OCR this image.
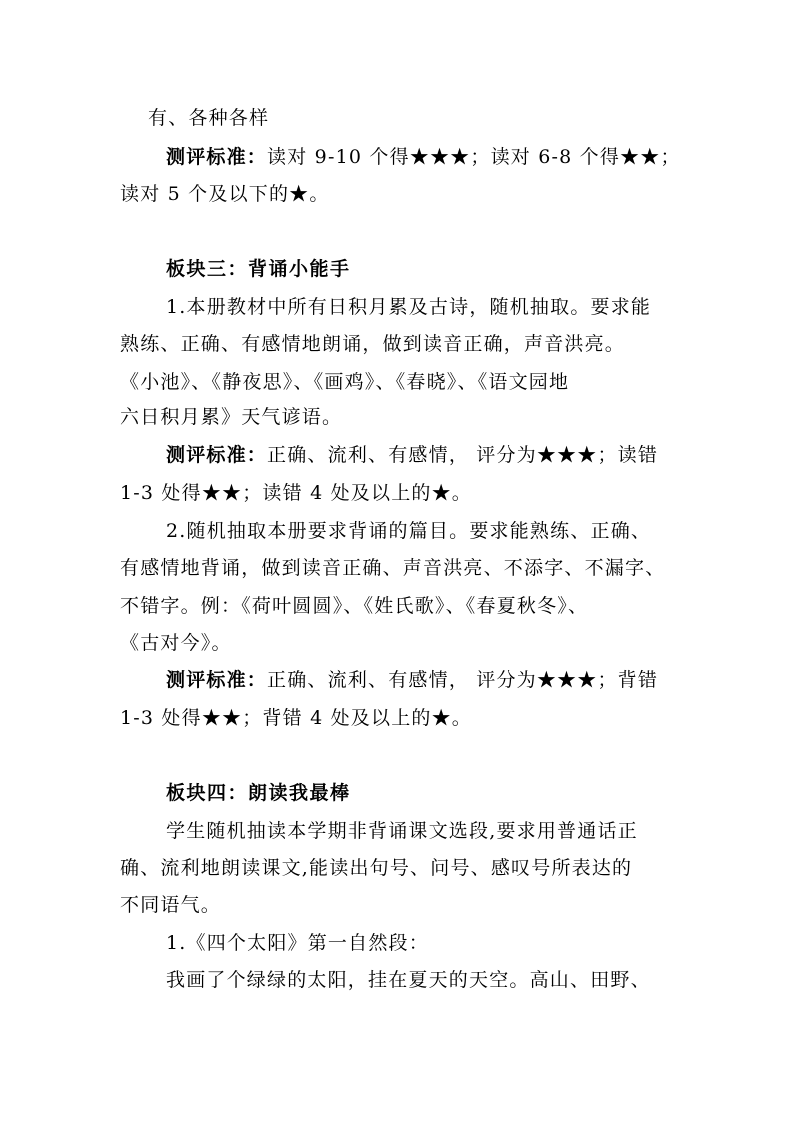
有、各种各样
测评标准：读对 9-10 个得★★★；读对 6-8 个得★★；
读对 5 个及以下的★。
板块三：背诵小能手
1.本册教材中所有日积月累及古诗，随机抽取。要求能
熟练、正确、有感情地朗诵，做到读音正确，声音洪亮。
《小池》、《静夜思》、《画鸡》、《春晓》、《语文园地
六日积月累》天气谚语。
测评标准：正确、流利、有感情， 评分为★★★；读错
1-3 处得★★；读错 4 处及以上的★。
2.随机抽取本册要求背诵的篇目。要求能熟练、正确、
有感情地背诵，做到读音正确、声音洪亮、不添字、不漏字、
不错字。例：《荷叶圆圆》、《姓氏歌》、《春夏秋冬》、
《古对今》。
测评标准：正确、流利、有感情， 评分为★★★；背错
1-3 处得★★；背错 4 处及以上的★。
板块四：朗读我最棒
学生随机抽读本学期非背诵课文选段,要求用普通话正
确、流利地朗读课文,能读出句号、问号、感叹号所表达的
不同语气。
1.《四个太阳》第一自然段：
我画了个绿绿的太阳，挂在夏天的天空。高山、田野、
